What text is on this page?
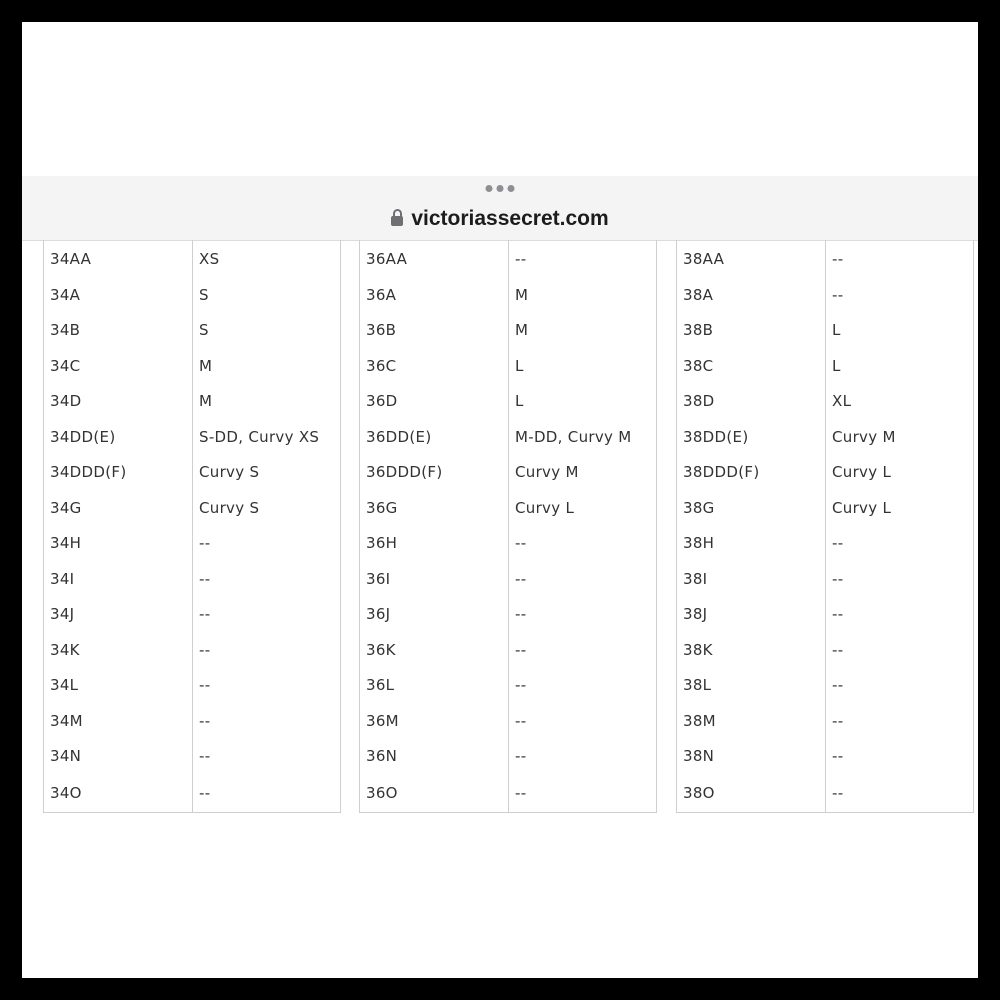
victoriassecret.com
34AA	XS
34A	S
34B	S
34C	M
34D	M
34DD(E)	S-DD, Curvy XS
34DDD(F)	Curvy S
34G	Curvy S
34H	--
34I	--
34J	--
34K	--
34L	--
34M	--
34N	--
34O	--
36AA	--
36A	M
36B	M
36C	L
36D	L
36DD(E)	M-DD, Curvy M
36DDD(F)	Curvy M
36G	Curvy L
36H	--
36I	--
36J	--
36K	--
36L	--
36M	--
36N	--
36O	--
38AA	--
38A	--
38B	L
38C	L
38D	XL
38DD(E)	Curvy M
38DDD(F)	Curvy L
38G	Curvy L
38H	--
38I	--
38J	--
38K	--
38L	--
38M	--
38N	--
38O	--
